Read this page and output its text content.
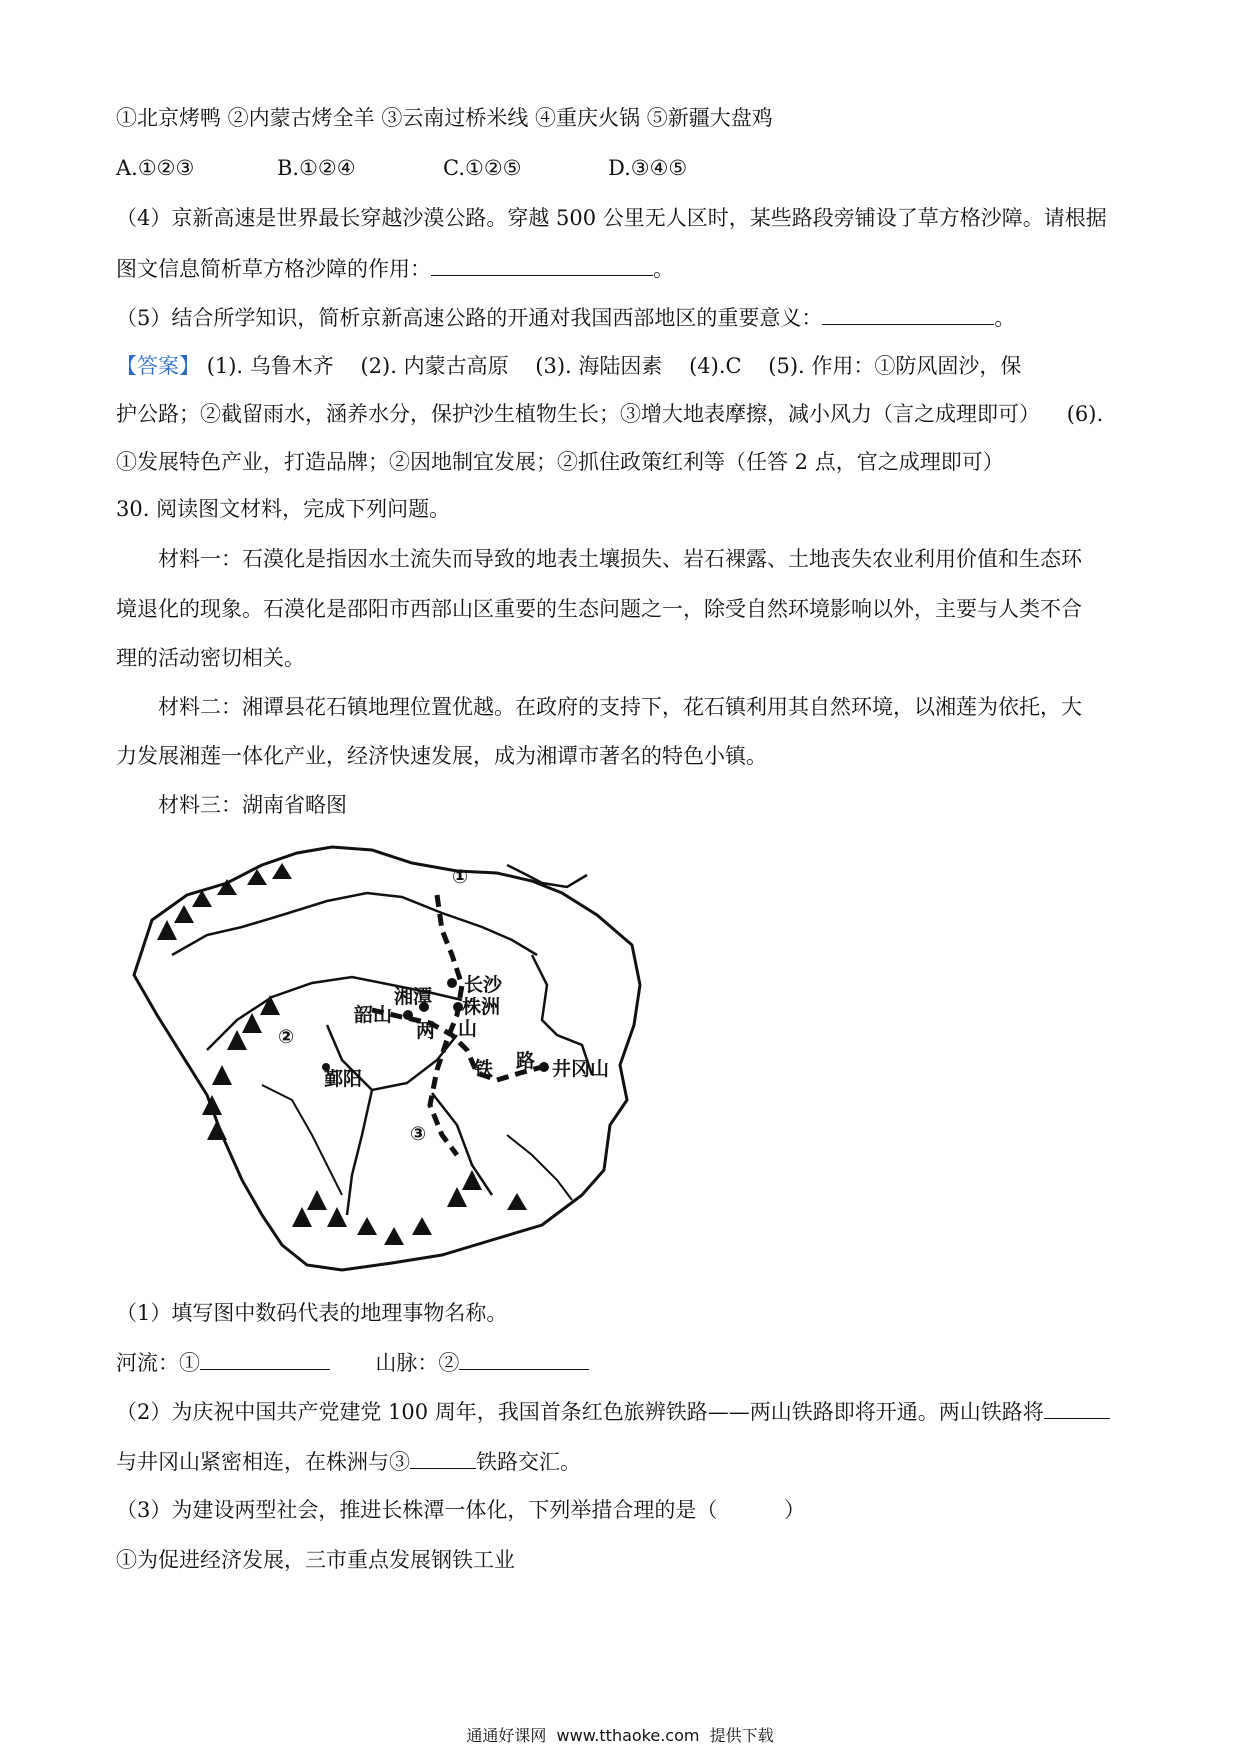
①北京烤鸭 ②内蒙古烤全羊 ③云南过桥米线 ④重庆火锅 ⑤新疆大盘鸡
A.①②③	B.①②④	C.①②⑤	D.③④⑤
（4）京新高速是世界最长穿越沙漠公路。穿越 500 公里无人区时，某些路段旁铺设了草方格沙障。请根据
图文信息简析草方格沙障的作用：	。
（5）结合所学知识，简析京新高速公路的开通对我国西部地区的重要意义：	。
【答案】 (1). 乌鲁木齐    (2). 内蒙古高原    (3). 海陆因素    (4).C    (5). 作用：①防风固沙，保
护公路；②截留雨水，涵养水分，保护沙生植物生长；③增大地表摩擦，减小风力（言之成理即可）    (6).
①发展特色产业，打造品牌；②因地制宜发展；②抓住政策红利等（任答 2 点，官之成理即可）
30. 阅读图文材料，完成下列问题。
材料一：石漠化是指因水土流失而导致的地表土壤损失、岩石裸露、土地丧失农业利用价值和生态环
境退化的现象。石漠化是邵阳市西部山区重要的生态问题之一，除受自然环境影响以外，主要与人类不合
理的活动密切相关。
材料二：湘谭县花石镇地理位置优越。在政府的支持下，花石镇利用其自然环境，以湘莲为依托，大
力发展湘莲一体化产业，经济快速发展，成为湘谭市著名的特色小镇。
材料三：湖南省略图
①
②
③
长沙
株洲
湘潭
韶山
两 山
铁 路 井冈山
鄞阳
（1）填写图中数码代表的地理事物名称。
河流：①	山脉：②
（2）为庆祝中国共产党建党 100 周年，我国首条红色旅辨铁路——两山铁路即将开通。两山铁路将
与井冈山紧密相连，在株洲与③	铁路交汇。
（3）为建设两型社会，推进长株潭一体化，下列举措合理的是（          ）
①为促进经济发展，三市重点发展钢铁工业
通通好课网  www.tthaoke.com  提供下载
